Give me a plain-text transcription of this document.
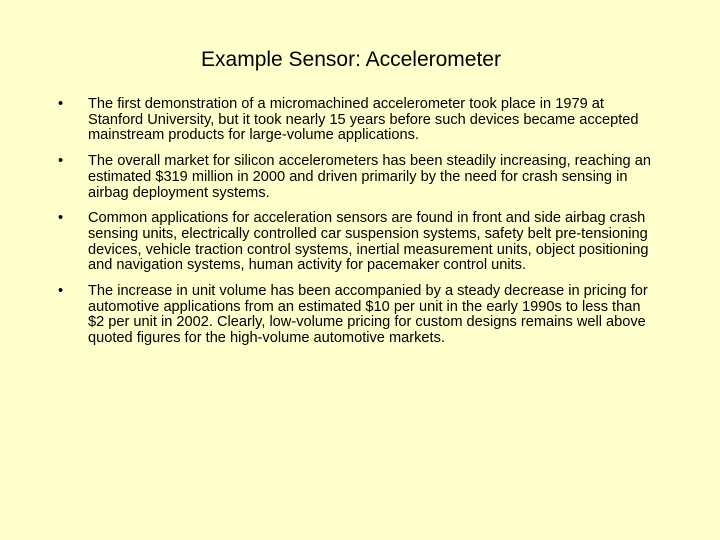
Example Sensor: Accelerometer
•	The first demonstration of a micromachined accelerometer took place in 1979 at Stanford University, but it took nearly 15 years before such devices became accepted mainstream products for large-volume applications.
•	The overall market for silicon accelerometers has been steadily increasing, reaching an estimated $319 million in 2000 and driven primarily by the need for crash sensing in airbag deployment systems.
•	Common applications for acceleration sensors are found in front and side airbag crash sensing units, electrically controlled car suspension systems, safety belt pre-tensioning devices, vehicle traction control systems, inertial measurement units, object positioning and navigation systems, human activity for pacemaker control units.
•	The increase in unit volume has been accompanied by a steady decrease in pricing for automotive applications from an estimated $10 per unit in the early 1990s to less than $2 per unit in 2002. Clearly, low-volume pricing for custom designs remains well above quoted figures for the high-volume automotive markets.
